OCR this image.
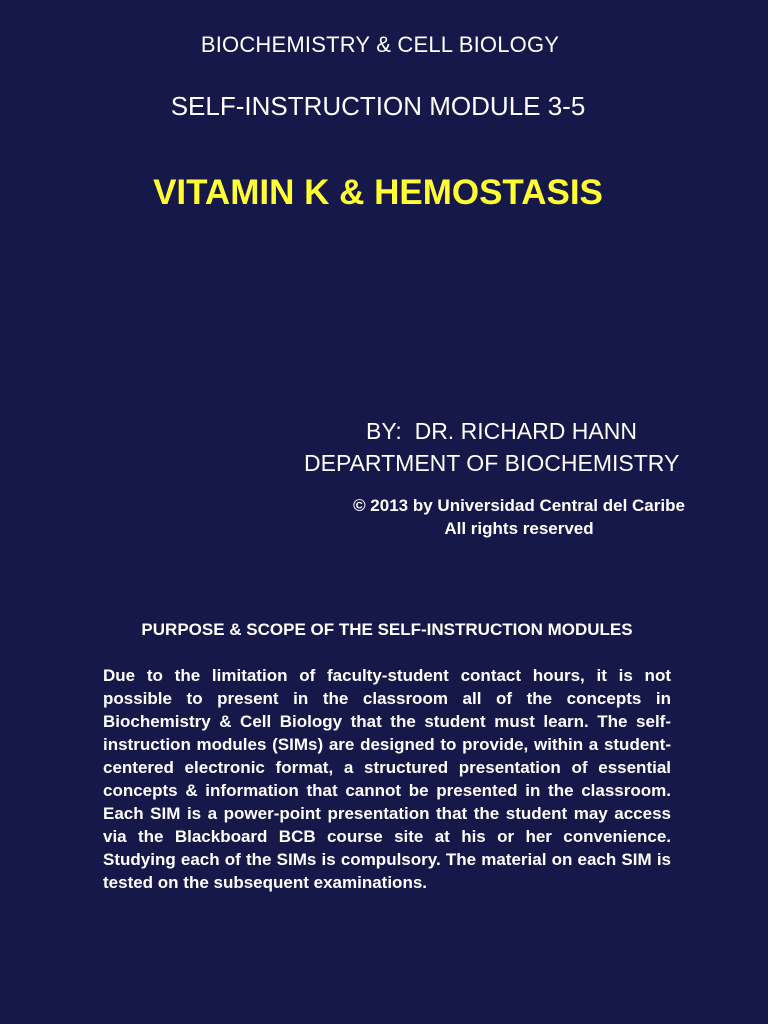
BIOCHEMISTRY & CELL BIOLOGY
SELF-INSTRUCTION MODULE 3-5
VITAMIN K & HEMOSTASIS
BY:  DR. RICHARD HANN
DEPARTMENT OF BIOCHEMISTRY
© 2013 by Universidad Central del Caribe
All rights reserved
PURPOSE & SCOPE OF THE SELF-INSTRUCTION MODULES
Due to the limitation of faculty-student contact hours, it is not possible to present in the classroom all of the concepts in Biochemistry & Cell Biology that the student must learn. The self-instruction modules (SIMs) are designed to provide, within a student-centered electronic format, a structured presentation of essential concepts & information that cannot be presented in the classroom. Each SIM is a power-point presentation that the student may access via the Blackboard BCB course site at his or her convenience. Studying each of the SIMs is compulsory. The material on each SIM is tested on the subsequent examinations.
